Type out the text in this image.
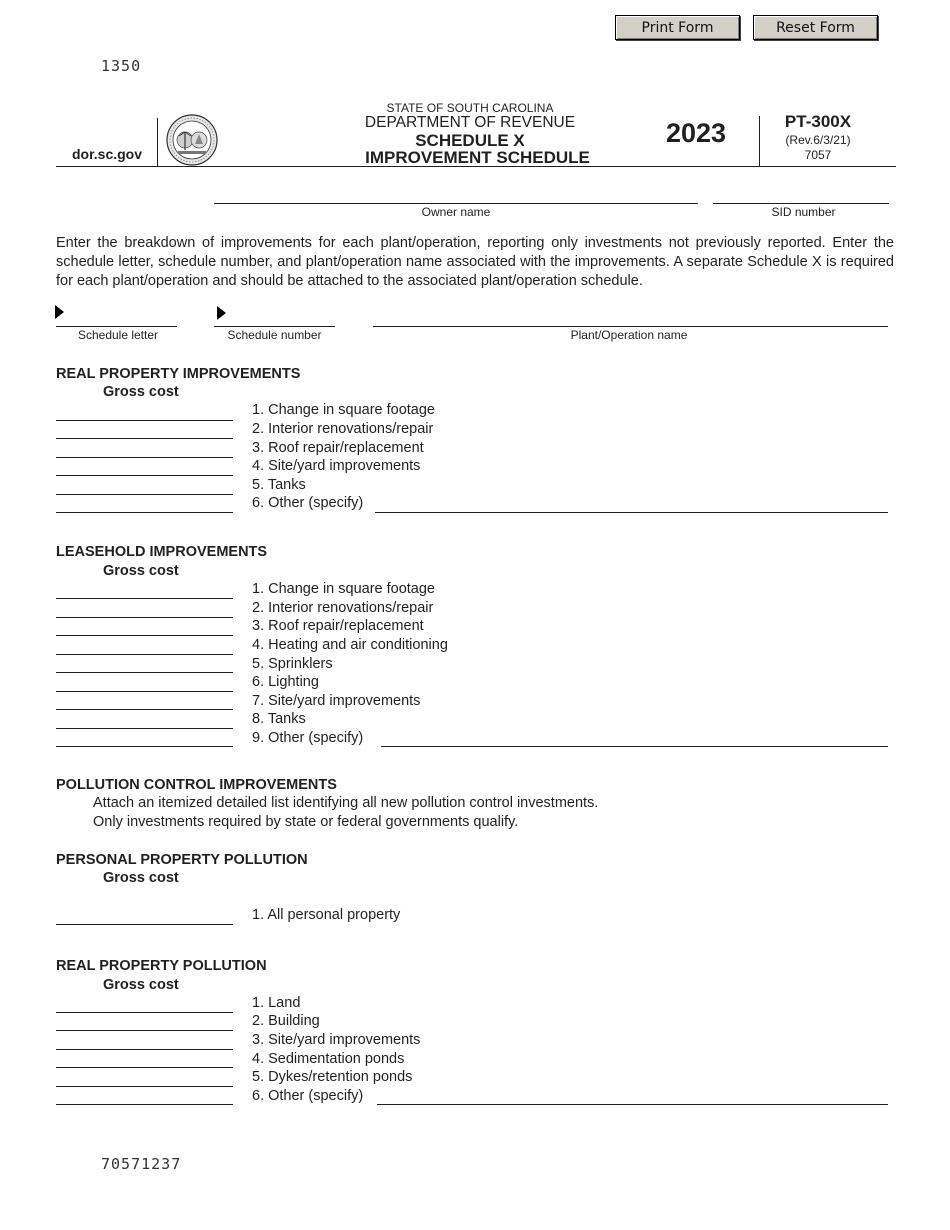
Print Form	Reset Form
1350
dor.sc.gov
STATE OF SOUTH CAROLINA
DEPARTMENT OF REVENUE
SCHEDULE X
IMPROVEMENT SCHEDULE
2023	PT-300X
(Rev.6/3/21)
7057
Owner name	SID number
Enter the breakdown of improvements for each plant/operation, reporting only investments not previously reported. Enter the schedule letter, schedule number, and plant/operation name associated with the improvements. A separate Schedule X is required for each plant/operation and should be attached to the associated plant/operation schedule.
Schedule letter	Schedule number	Plant/Operation name
REAL PROPERTY IMPROVEMENTS
Gross cost
1. Change in square footage
2. Interior renovations/repair
3. Roof repair/replacement
4. Site/yard improvements
5. Tanks
6. Other (specify)
LEASEHOLD IMPROVEMENTS
Gross cost
1. Change in square footage
2. Interior renovations/repair
3. Roof repair/replacement
4. Heating and air conditioning
5. Sprinklers
6. Lighting
7. Site/yard improvements
8. Tanks
9. Other (specify)
POLLUTION CONTROL IMPROVEMENTS
Attach an itemized detailed list identifying all new pollution control investments.
Only investments required by state or federal governments qualify.
PERSONAL PROPERTY POLLUTION
Gross cost
1. All personal property
REAL PROPERTY POLLUTION
Gross cost
1. Land
2. Building
3. Site/yard improvements
4. Sedimentation ponds
5. Dykes/retention ponds
6. Other (specify)
70571237
